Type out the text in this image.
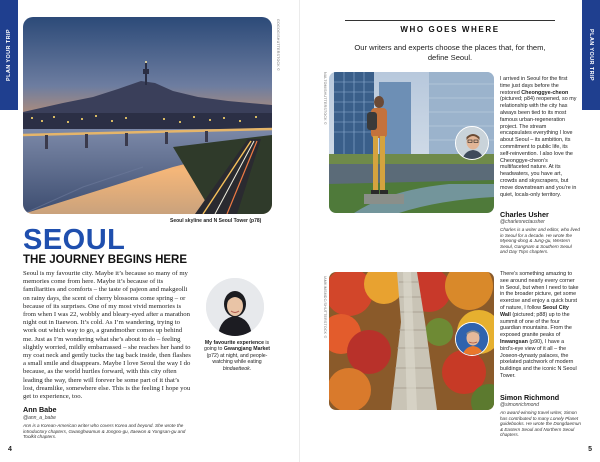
PLAN YOUR TRIP	GOGOG/SHUTTERSTOCK ©
Seoul skyline and N Seoul Tower (p78)
SEOUL
THE JOURNEY BEGINS HERE
Seoul is my favourite city. Maybe it’s because so many of my memories come from here. Maybe it’s because of its familiarities and comforts – the taste of pajeon and makgeolli on rainy days, the scent of cherry blossoms come spring – or because of its surprises. One of my most vivid memories is from when I was 22, wobbly and bleary-eyed after a marathon night out in Itaewon. It’s cold. As I’m wandering, trying to work out which way to go, a grandmother comes up behind me. Just as I’m wondering what she’s about to do – feeling slightly worried, mildly embarrassed – she reaches her hand to my coat neck and gently tucks the tag back inside, then flashes a small smile and disappears. Maybe I love Seoul the way I do because, as the world hurtles forward, with this city often leading the way, there will forever be some part of it that’s lost, dreamlike, somewhere else. This is the feeling I hope you get to experience, too.
Ann Babe
@ann_a_babe
Ann is a Korean-American writer who covers Korea and beyond. She wrote the introductory chapters, Gwanghwamun & Jongno-gu, Itaewon & Yongsan-gu and Toolkit chapters.
My favourite experience is going to Gwangjang Market (p72) at night, and people-watching while eating bindaetteok.
4
PLAN YOUR TRIP
5
WHO GOES WHERE
Our writers and experts choose the places that, for them, define Seoul.
NALTOM/SHUTTERSTOCK ©	I arrived in Seoul for the first time just days before the restored Cheonggye-cheon (pictured; p84) reopened, so my relationship with the city has always been tied to its most famous urban-regeneration project. The stream encapsulates everything I love about Seoul – its ambition, its commitment to public life, its self-reinvention. I also love the Cheonggye-cheon’s multifaceted nature. At its headwaters, you have art, crowds and skyscrapers, but move downstream and you’re in quiet, locals-only territory.
Charles Usher
@charlesrectausher
Charles is a writer and editor, who lived in Seoul for a decade. He wrote the Myeong-dong & Jung-gu, Western Seoul, Gangnam & Southern Seoul and Day Trips chapters.
IAMKIMSMDC/SHUTTERSTOCK ©
There’s something amazing to see around nearly every corner in Seoul, but when I need to take in the broader picture, get some exercise and enjoy a quick burst of nature, I follow Seoul City Wall (pictured; p88) up to the summit of one of the four guardian mountains. From the exposed granite peaks of Inwangsan (p90), I have a bird’s-eye view of it all – the Joseon-dynasty palaces, the pixelated patchwork of modern buildings and the iconic N Seoul Tower.
Simon Richmond
@simonrichmond
An award-winning travel writer, Simon has contributed to many Lonely Planet guidebooks. He wrote the Dongdaemun & Eastern Seoul and Northern Seoul chapters.
